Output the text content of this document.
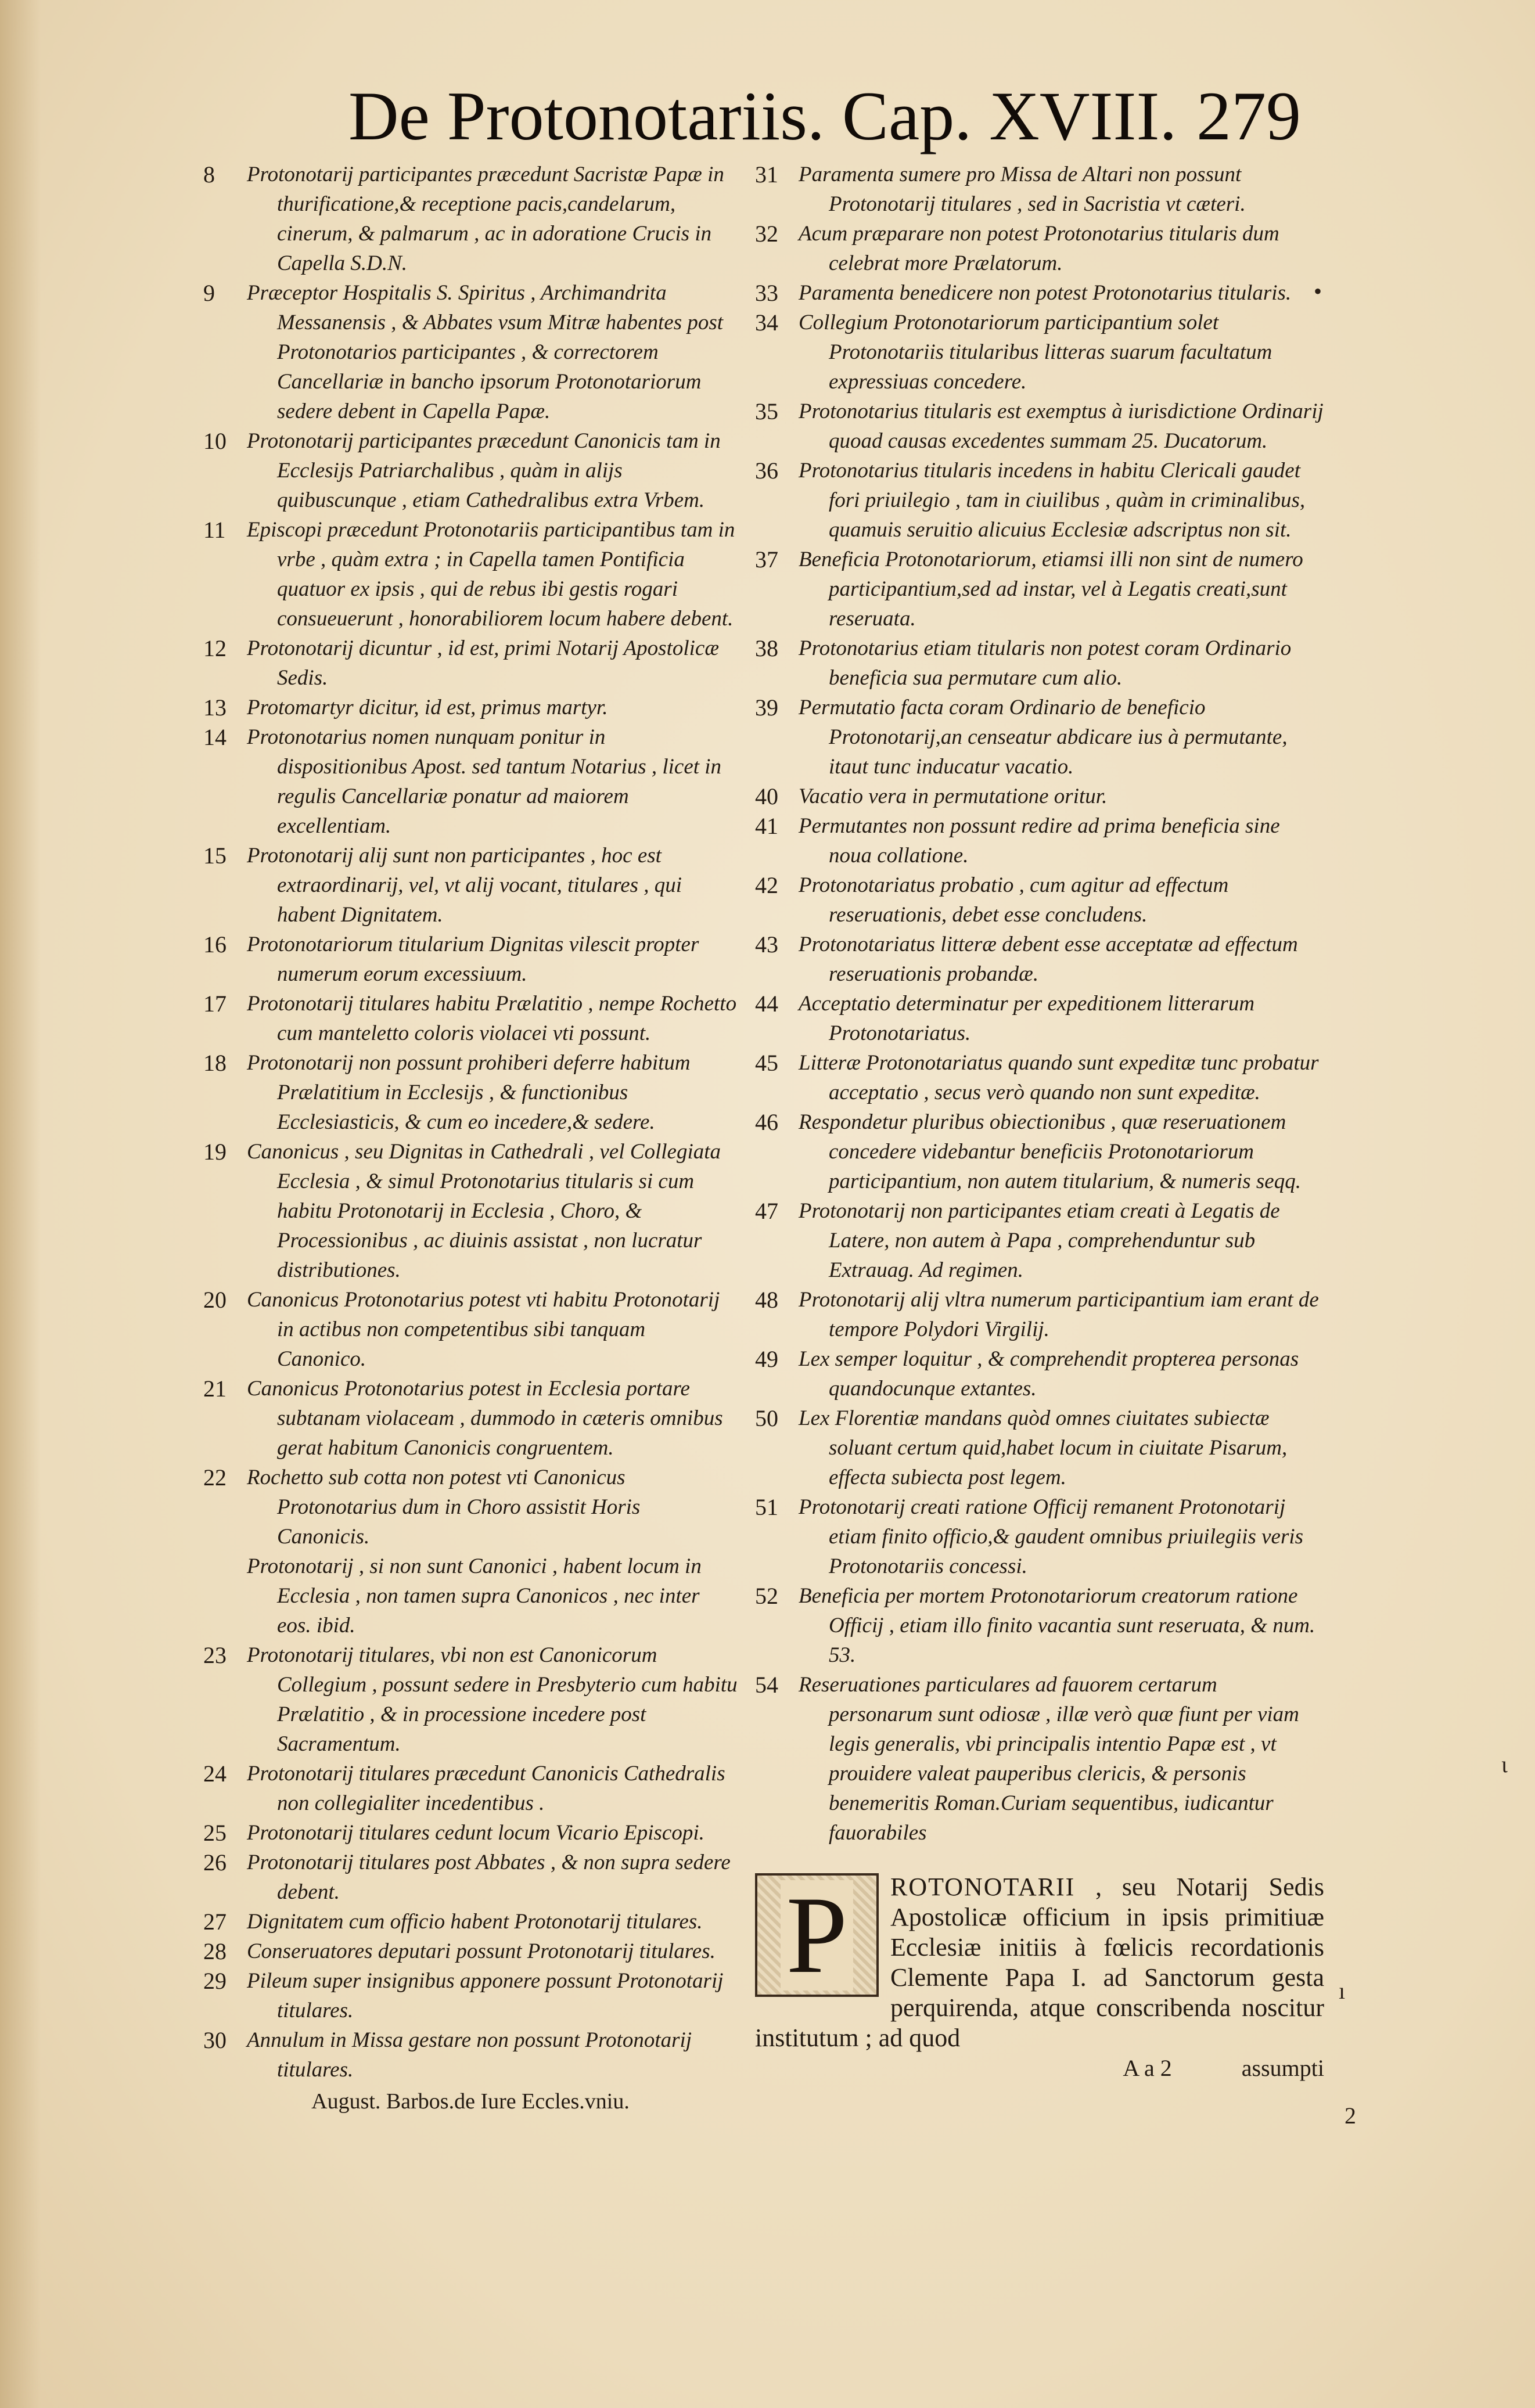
De Protonotariis. Cap. XVIII. 279
8	Protonotarij participantes præcedunt Sacristæ Papæ in thurificatione,& receptione pacis,candelarum, cinerum, & palmarum , ac in adoratione Crucis in Capella S.D.N.
9	Præceptor Hospitalis S. Spiritus , Archimandrita Messanensis , & Abbates vsum Mitræ habentes post Protonotarios participantes , & correctorem Cancellariæ in bancho ipsorum Protonotariorum sedere debent in Capella Papæ.
10 Protonotarij participantes præcedunt Canonicis tam in Ecclesijs Patriarchalibus , quàm in alijs quibuscunque , etiam Cathedralibus extra Vrbem.
11 Episcopi præcedunt Protonotariis participantibus tam in vrbe , quàm extra ; in Capella tamen Pontificia quatuor ex ipsis , qui de rebus ibi gestis rogari consueuerunt , honorabiliorem locum habere debent.
12 Protonotarij dicuntur , id est, primi Notarij Apostolicæ Sedis.
13 Protomartyr dicitur, id est, primus martyr.
14 Protonotarius nomen nunquam ponitur in dispositionibus Apost. sed tantum Notarius , licet in regulis Cancellariæ ponatur ad maiorem excellentiam.
15 Protonotarij alij sunt non participantes , hoc est extraordinarij, vel, vt alij vocant, titulares , qui habent Dignitatem.
16 Protonotariorum titularium Dignitas vilescit propter numerum eorum excessiuum.
17 Protonotarij titulares habitu Prælatitio , nempe Rochetto cum manteletto coloris violacei vti possunt.
18 Protonotarij non possunt prohiberi deferre habitum Prælatitium in Ecclesijs , & functionibus Ecclesiasticis, & cum eo incedere,& sedere.
19 Canonicus , seu Dignitas in Cathedrali , vel Collegiata Ecclesia , & simul Protonotarius titularis si cum habitu Protonotarij in Ecclesia , Choro, & Processionibus , ac diuinis assistat , non lucratur distributiones.
20 Canonicus Protonotarius potest vti habitu Protonotarij in actibus non competentibus sibi tanquam Canonico.
21 Canonicus Protonotarius potest in Ecclesia portare subtanam violaceam , dummodo in cæteris omnibus gerat habitum Canonicis congruentem.
22 Rochetto sub cotta non potest vti Canonicus Protonotarius dum in Choro assistit Horis Canonicis.
Protonotarij , si non sunt Canonici , habent locum in Ecclesia , non tamen supra Canonicos , nec inter eos. ibid.
23 Protonotarij titulares, vbi non est Canonicorum Collegium , possunt sedere in Presbyterio cum habitu Prælatitio , & in processione incedere post Sacramentum.
24 Protonotarij titulares præcedunt Canonicis Cathedralis non collegialiter incedentibus .
25 Protonotarij titulares cedunt locum Vicario Episcopi.
26 Protonotarij titulares post Abbates , & non supra sedere debent.
27 Dignitatem cum officio habent Protonotarij titulares.
28 Conseruatores deputari possunt Protonotarij titulares.
29 Pileum super insignibus apponere possunt Protonotarij titulares.
30 Annulum in Missa gestare non possunt Protonotarij titulares.
August. Barbos.de Iure Eccles.vniu.
31 Paramenta sumere pro Missa de Altari non possunt Protonotarij titulares , sed in Sacristia vt cæteri.
32 Acum præparare non potest Protonotarius titularis dum celebrat more Prælatorum.
33 Paramenta benedicere non potest Protonotarius titularis.
34 Collegium Protonotariorum participantium solet Protonotariis titularibus litteras suarum facultatum expressiuas concedere.
35 Protonotarius titularis est exemptus à iurisdictione Ordinarij quoad causas excedentes summam 25. Ducatorum.
36 Protonotarius titularis incedens in habitu Clericali gaudet fori priuilegio , tam in ciuilibus , quàm in criminalibus, quamuis seruitio alicuius Ecclesiæ adscriptus non sit.
37 Beneficia Protonotariorum, etiamsi illi non sint de numero participantium,sed ad instar, vel à Legatis creati,sunt reseruata.
38 Protonotarius etiam titularis non potest coram Ordinario beneficia sua permutare cum alio.
39 Permutatio facta coram Ordinario de beneficio Protonotarij,an censeatur abdicare ius à permutante, itaut tunc inducatur vacatio.
40 Vacatio vera in permutatione oritur.
41 Permutantes non possunt redire ad prima beneficia sine noua collatione.
42 Protonotariatus probatio , cum agitur ad effectum reseruationis, debet esse concludens.
43 Protonotariatus litteræ debent esse acceptatæ ad effectum reseruationis probandæ.
44 Acceptatio determinatur per expeditionem litterarum Protonotariatus.
45 Litteræ Protonotariatus quando sunt expeditæ tunc probatur acceptatio , secus verò quando non sunt expeditæ.
46 Respondetur pluribus obiectionibus , quæ reseruationem concedere videbantur beneficiis Protonotariorum participantium, non autem titularium, & numeris seqq.
47 Protonotarij non participantes etiam creati à Legatis de Latere, non autem à Papa , comprehenduntur sub Extrauag. Ad regimen.
48 Protonotarij alij vltra numerum participantium iam erant de tempore Polydori Virgilij.
49 Lex semper loquitur , & comprehendit propterea personas quandocunque extantes.
50 Lex Florentiæ mandans quòd omnes ciuitates subiectæ soluant certum quid,habet locum in ciuitate Pisarum, effecta subiecta post legem.
51 Protonotarij creati ratione Officij remanent Protonotarij etiam finito officio,& gaudent omnibus priuilegiis veris Protonotariis concessi.
52 Beneficia per mortem Protonotariorum creatorum ratione Officij , etiam illo finito vacantia sunt reseruata, & num. 53.
54 Reseruationes particulares ad fauorem certarum personarum sunt odiosæ , illæ verò quæ fiunt per viam legis generalis, vbi principalis intentio Papæ est , vt prouidere valeat pauperibus clericis, & personis benemeritis Roman.Curiam sequentibus, iudicantur fauorabiles
P ROTONOTARII , seu Notarij Sedis Apostolicæ officium in ipsis primitiuæ Ecclesiæ initiis à fœlicis recordationis Clemente Papa I. ad Sanctorum gesta perquirenda, atque conscribenda noscitur institutum ; ad quod
A a 2	assumpti
•
ι
ı
2
